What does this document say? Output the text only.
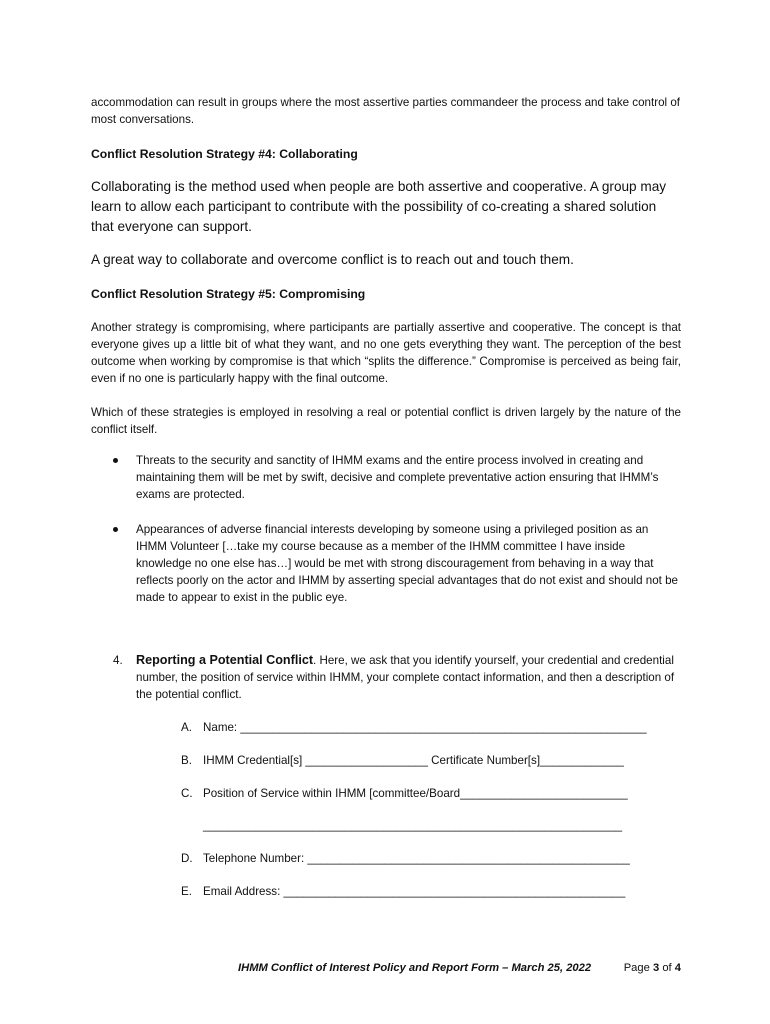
accommodation can result in groups where the most assertive parties commandeer the process and take control of most conversations.

Conflict Resolution Strategy #4: Collaborating

Collaborating is the method used when people are both assertive and cooperative. A group may learn to allow each participant to contribute with the possibility of co-creating a shared solution that everyone can support.

A great way to collaborate and overcome conflict is to reach out and touch them.

Conflict Resolution Strategy #5: Compromising

Another strategy is compromising, where participants are partially assertive and cooperative. The concept is that everyone gives up a little bit of what they want, and no one gets everything they want. The perception of the best outcome when working by compromise is that which “splits the difference.” Compromise is perceived as being fair, even if no one is particularly happy with the final outcome.

Which of these strategies is employed in resolving a real or potential conflict is driven largely by the nature of the conflict itself.

Threats to the security and sanctity of IHMM exams and the entire process involved in creating and maintaining them will be met by swift, decisive and complete preventative action ensuring that IHMM’s exams are protected.
Appearances of adverse financial interests developing by someone using a privileged position as an IHMM Volunteer […take my course because as a member of the IHMM committee I have inside knowledge no one else has…] would be met with strong discouragement from behaving in a way that reflects poorly on the actor and IHMM by asserting special advantages that do not exist and should not be made to appear to exist in the public eye.
4. Reporting a Potential Conflict. Here, we ask that you identify yourself, your credential and credential number, the position of service within IHMM, your complete contact information, and then a description of the potential conflict.
A. Name: _______________________________________________________________
B. IHMM Credential[s] ___________________ Certificate Number[s]_____________
C. Position of Service within IHMM [committee/Board__________________________
_________________________________________________________________
D. Telephone Number: __________________________________________________
E. Email Address: _____________________________________________________
IHMM Conflict of Interest Policy and Report Form – March 25, 2022	Page 3 of 4
